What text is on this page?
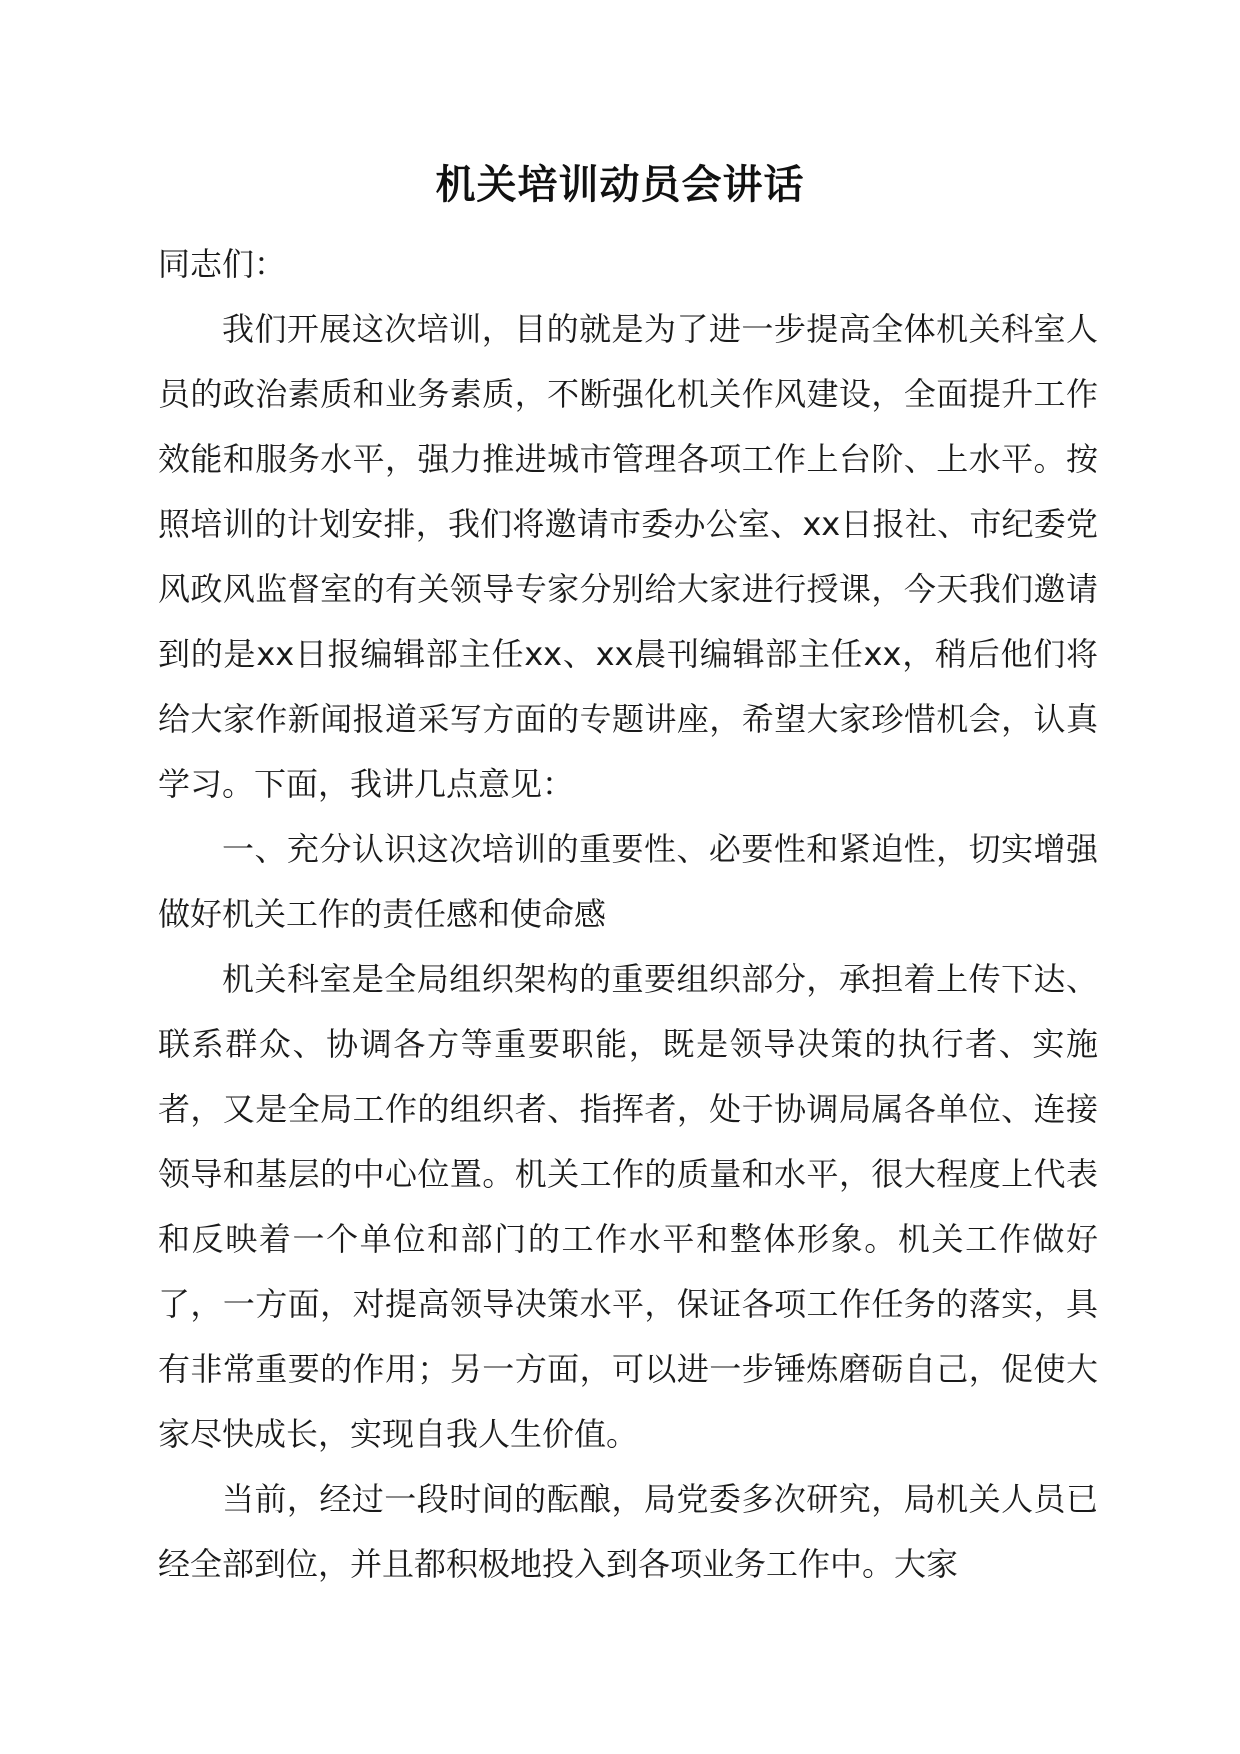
机关培训动员会讲话

同志们：

我们开展这次培训，目的就是为了进一步提高全体机关科室人员的政治素质和业务素质，不断强化机关作风建设，全面提升工作效能和服务水平，强力推进城市管理各项工作上台阶、上水平。按照培训的计划安排，我们将邀请市委办公室、xx日报社、市纪委党风政风监督室的有关领导专家分别给大家进行授课，今天我们邀请到的是xx日报编辑部主任xx、xx晨刊编辑部主任xx，稍后他们将给大家作新闻报道采写方面的专题讲座，希望大家珍惜机会，认真学习。下面，我讲几点意见：

一、充分认识这次培训的重要性、必要性和紧迫性，切实增强做好机关工作的责任感和使命感

机关科室是全局组织架构的重要组织部分，承担着上传下达、联系群众、协调各方等重要职能，既是领导决策的执行者、实施者，又是全局工作的组织者、指挥者，处于协调局属各单位、连接领导和基层的中心位置。机关工作的质量和水平，很大程度上代表和反映着一个单位和部门的工作水平和整体形象。机关工作做好了，一方面，对提高领导决策水平，保证各项工作任务的落实，具有非常重要的作用；另一方面，可以进一步锤炼磨砺自己，促使大家尽快成长，实现自我人生价值。

当前，经过一段时间的酝酿，局党委多次研究，局机关人员已经全部到位，并且都积极地投入到各项业务工作中。大家
